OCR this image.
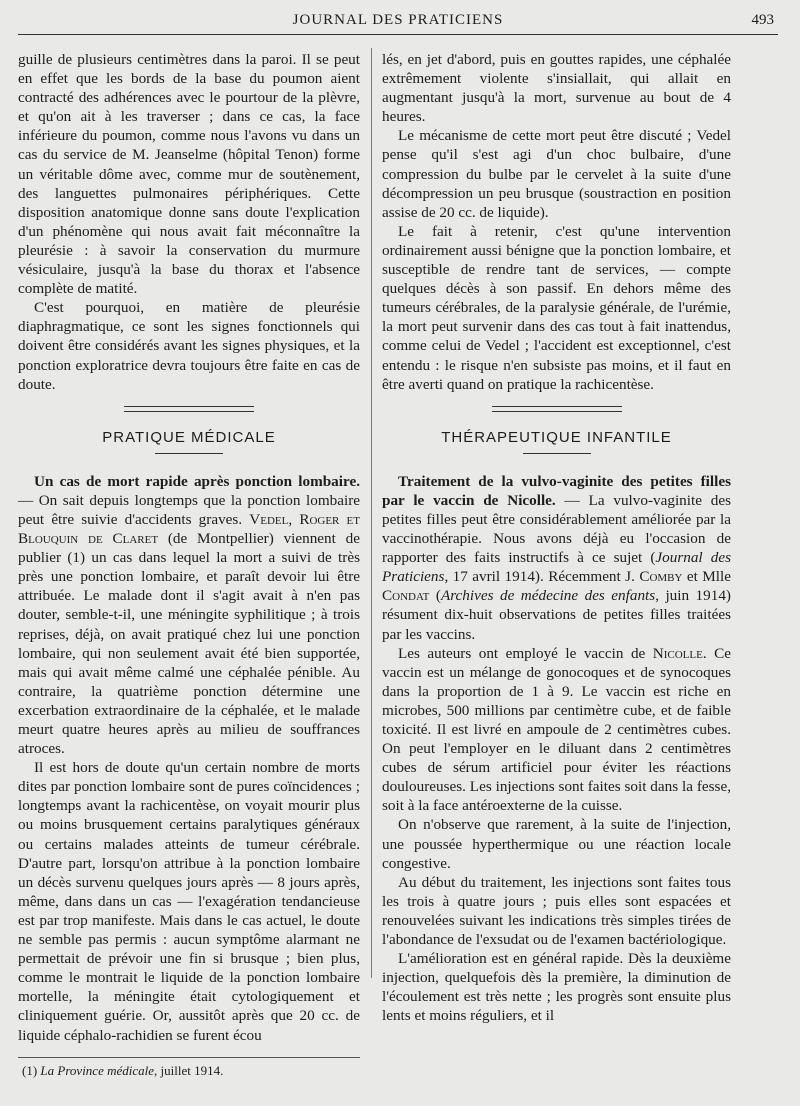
JOURNAL DES PRATICIENS	493

guille de plusieurs centimètres dans la paroi. Il se peut en effet que les bords de la base du poumon aient contracté des adhérences avec le pourtour de la plèvre, et qu'on ait à les traverser ; dans ce cas, la face inférieure du poumon, comme nous l'avons vu dans un cas du service de M. Jeanselme (hôpital Tenon) forme un véritable dôme avec, comme mur de soutènement, des languettes pulmonaires périphériques. Cette disposition anatomique donne sans doute l'explication d'un phénomène qui nous avait fait méconnaître la pleurésie : à savoir la conservation du murmure vésiculaire, jusqu'à la base du thorax et l'absence complète de matité.

C'est pourquoi, en matière de pleurésie diaphragmatique, ce sont les signes fonctionnels qui doivent être considérés avant les signes physiques, et la ponction exploratrice devra toujours être faite en cas de doute.

PRATIQUE MÉDICALE

Un cas de mort rapide après ponction lombaire. — On sait depuis longtemps que la ponction lombaire peut être suivie d'accidents graves. Vedel, Roger et Blouquin de Claret (de Montpellier) viennent de publier (1) un cas dans lequel la mort a suivi de très près une ponction lombaire, et paraît devoir lui être attribuée. Le malade dont il s'agit avait à n'en pas douter, semble-t-il, une méningite syphilitique ; à trois reprises, déjà, on avait pratiqué chez lui une ponction lombaire, qui non seulement avait été bien supportée, mais qui avait même calmé une céphalée pénible. Au contraire, la quatrième ponction détermine une excerbation extraordinaire de la céphalée, et le malade meurt quatre heures après au milieu de souffrances atroces.

Il est hors de doute qu'un certain nombre de morts dites par ponction lombaire sont de pures coïncidences ; longtemps avant la rachicentèse, on voyait mourir plus ou moins brusquement certains paralytiques généraux ou certains malades atteints de tumeur cérébrale. D'autre part, lorsqu'on attribue à la ponction lombaire un décès survenu quelques jours après — 8 jours après, même, dans dans un cas — l'exagération tendancieuse est par trop manifeste. Mais dans le cas actuel, le doute ne semble pas permis : aucun symptôme alarmant ne permettait de prévoir une fin si brusque ; bien plus, comme le montrait le liquide de la ponction lombaire mortelle, la méningite était cytologiquement et cliniquement guérie. Or, aussitôt après que 20 cc. de liquide céphalo-rachidien se furent écou

(1) La Province médicale, juillet 1914.

lés, en jet d'abord, puis en gouttes rapides, une céphalée extrêmement violente s'insiallait, qui allait en augmentant jusqu'à la mort, survenue au bout de 4 heures.

Le mécanisme de cette mort peut être discuté ; Vedel pense qu'il s'est agi d'un choc bulbaire, d'une compression du bulbe par le cervelet à la suite d'une décompression un peu brusque (soustraction en position assise de 20 cc. de liquide).

Le fait à retenir, c'est qu'une intervention ordinairement aussi bénigne que la ponction lombaire, et susceptible de rendre tant de services, — compte quelques décès à son passif. En dehors même des tumeurs cérébrales, de la paralysie générale, de l'urémie, la mort peut survenir dans des cas tout à fait inattendus, comme celui de Vedel ; l'accident est exceptionnel, c'est entendu : le risque n'en subsiste pas moins, et il faut en être averti quand on pratique la rachicentèse.

THÉRAPEUTIQUE INFANTILE

Traitement de la vulvo-vaginite des petites filles par le vaccin de Nicolle. — La vulvo-vaginite des petites filles peut être considérablement améliorée par la vaccinothérapie. Nous avons déjà eu l'occasion de rapporter des faits instructifs à ce sujet (Journal des Praticiens, 17 avril 1914). Récemment J. Comby et Mlle Condat (Archives de médecine des enfants, juin 1914) résument dix-huit observations de petites filles traitées par les vaccins.

Les auteurs ont employé le vaccin de Nicolle. Ce vaccin est un mélange de gonocoques et de synocoques dans la proportion de 1 à 9. Le vaccin est riche en microbes, 500 millions par centimètre cube, et de faible toxicité. Il est livré en ampoule de 2 centimètres cubes. On peut l'employer en le diluant dans 2 centimètres cubes de sérum artificiel pour éviter les réactions douloureuses. Les injections sont faites soit dans la fesse, soit à la face antéroexterne de la cuisse.

On n'observe que rarement, à la suite de l'injection, une poussée hyperthermique ou une réaction locale congestive.

Au début du traitement, les injections sont faites tous les trois à quatre jours ; puis elles sont espacées et renouvelées suivant les indications très simples tirées de l'abondance de l'exsudat ou de l'examen bactériologique.

L'amélioration est en général rapide. Dès la deuxième injection, quelquefois dès la première, la diminution de l'écoulement est très nette ; les progrès sont ensuite plus lents et moins réguliers, et il
